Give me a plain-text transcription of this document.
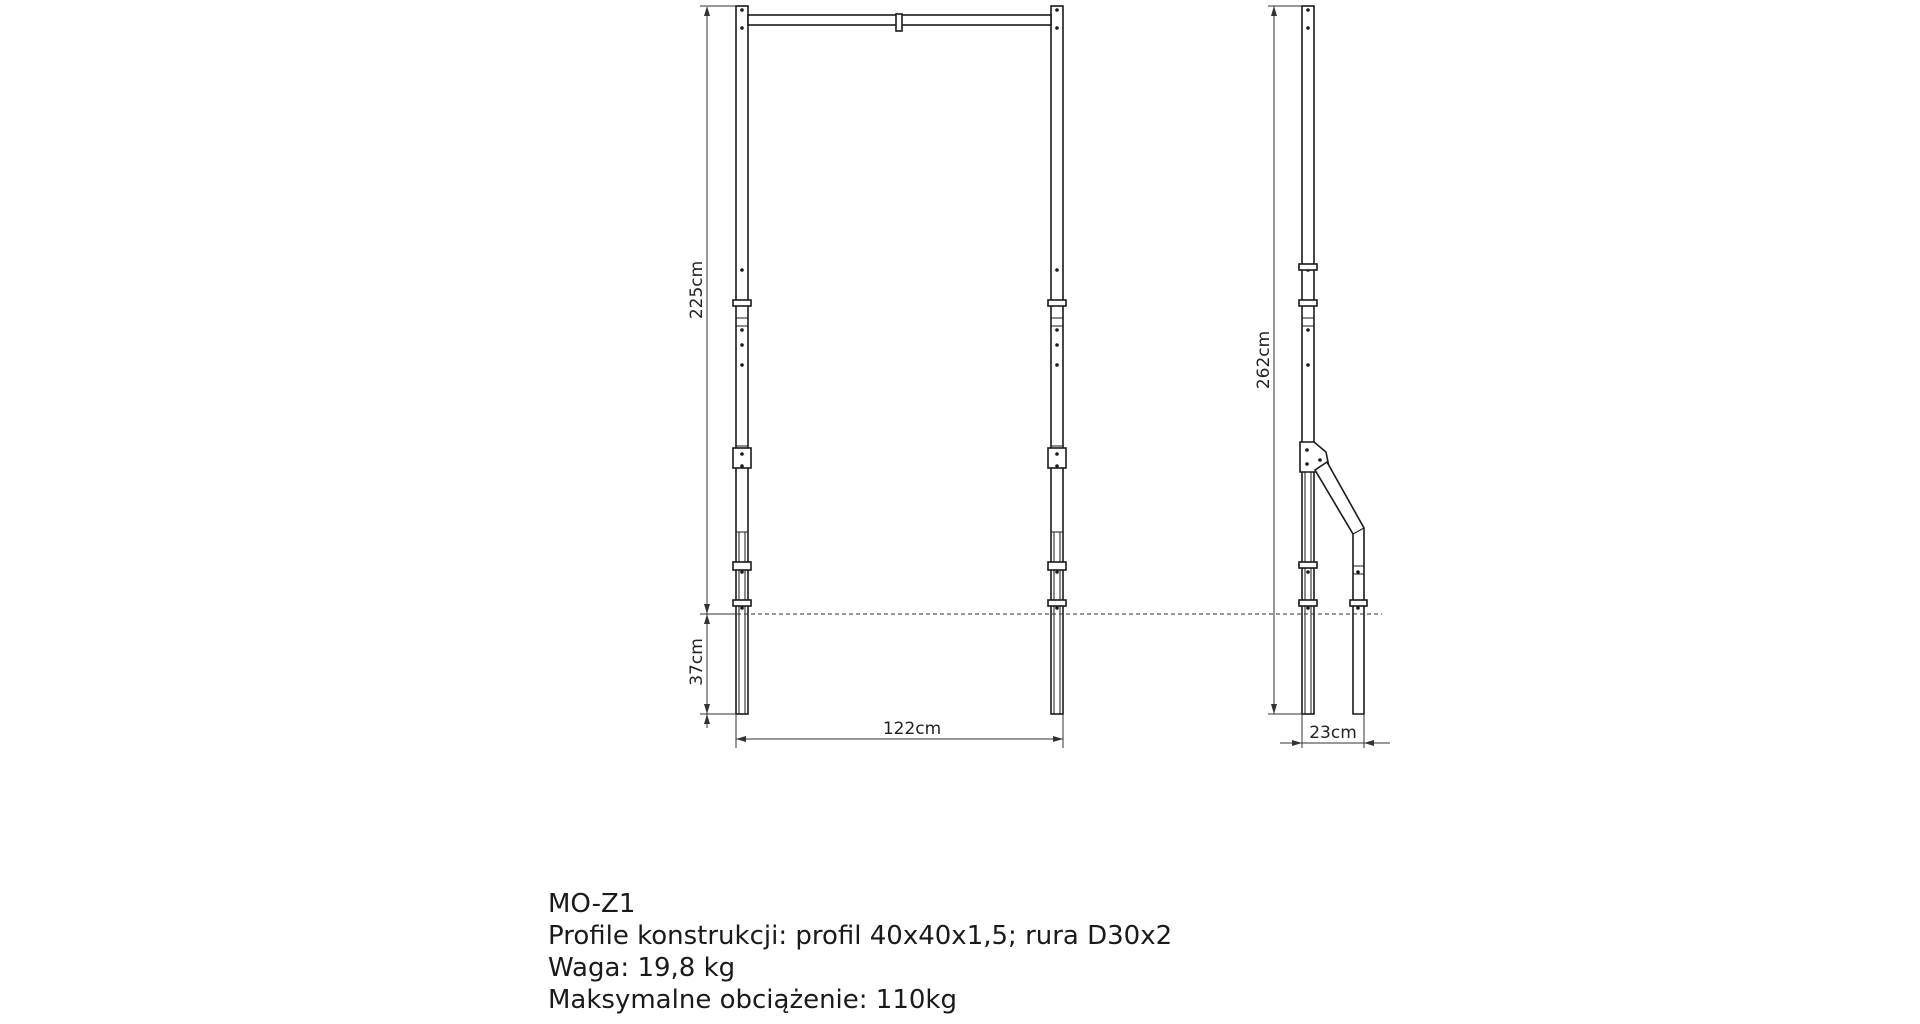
225cm
37cm
122cm
262cm
23cm
MO-Z1
Profile konstrukcji: profil 40x40x1,5; rura D30x2
Waga: 19,8 kg
Maksymalne obciążenie: 110kg
